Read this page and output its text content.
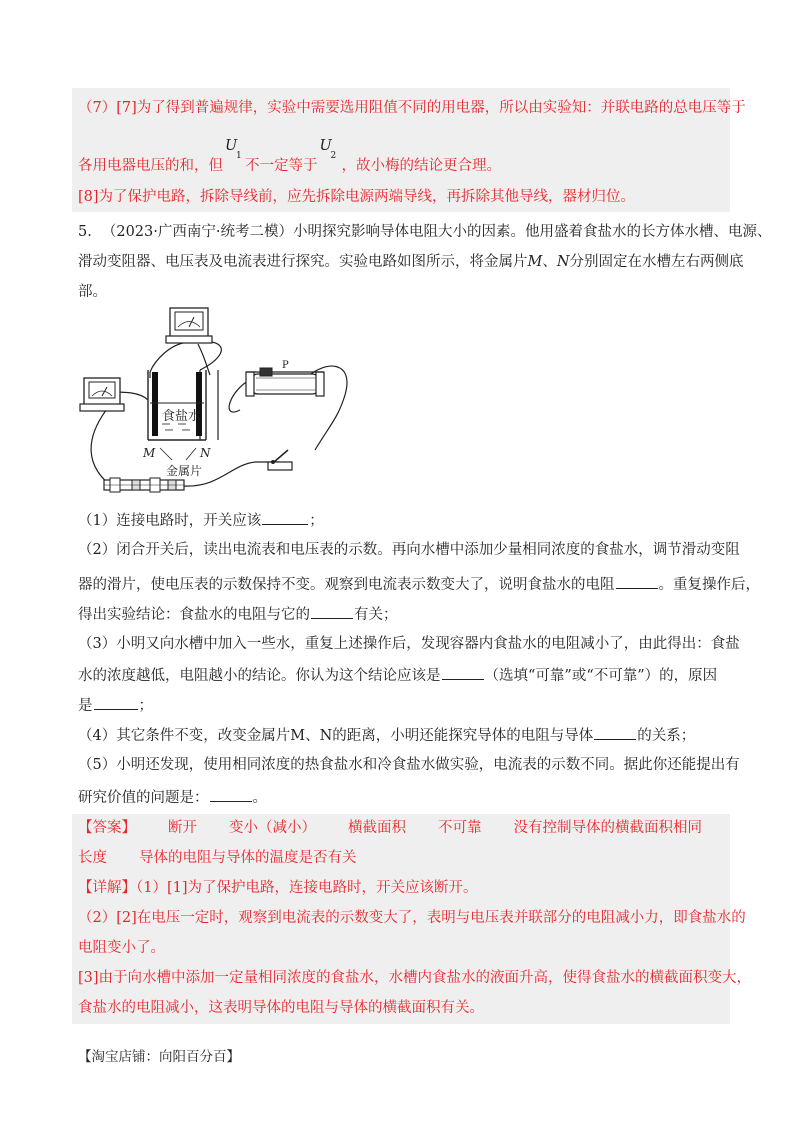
（7）[7]为了得到普遍规律，实验中需要选用阻值不同的用电器，所以由实验知：并联电路的总电压等于
各用电器电压的和，但
U
1
不一定等于
U
2
，故小梅的结论更合理。
[8]为了保护电路，拆除导线前，应先拆除电源两端导线，再拆除其他导线，器材归位。
5. （2023·广西南宁·统考二模）小明探究影响导体电阻大小的因素。他用盛着食盐水的长方体水槽、电源、
滑动变阻器、电压表及电流表进行探究。实验电路如图所示，将金属片M、N分别固定在水槽左右两侧底
部。
食盐水
M	N
金属片
P
（1）连接电路时，开关应该	；
（2）闭合开关后，读出电流表和电压表的示数。再向水槽中添加少量相同浓度的食盐水，调节滑动变阻
器的滑片，使电压表的示数保持不变。观察到电流表示数变大了，说明食盐水的电阻	。重复操作后，
得出实验结论：食盐水的电阻与它的	有关；
（3）小明又向水槽中加入一些水，重复上述操作后，发现容器内食盐水的电阻减小了，由此得出：食盐
水的浓度越低，电阻越小的结论。你认为这个结论应该是	（选填“可靠”或“不可靠”）的，原因
是	；
（4）其它条件不变，改变金属片M、N的距离，小明还能探究导体的电阻与导体	的关系；
（5）小明还发现，使用相同浓度的热食盐水和冷食盐水做实验，电流表的示数不同。据此你还能提出有
研究价值的问题是：	。
【答案】 断开 变小（减小） 横截面积 不可靠 没有控制导体的横截面积相同
长度 导体的电阻与导体的温度是否有关
【详解】（1）[1]为了保护电路，连接电路时，开关应该断开。
（2）[2]在电压一定时，观察到电流表的示数变大了，表明与电压表并联部分的电阻减小力，即食盐水的
电阻变小了。
[3]由于向水槽中添加一定量相同浓度的食盐水，水槽内食盐水的液面升高，使得食盐水的横截面积变大，
食盐水的电阻减小，这表明导体的电阻与导体的横截面积有关。
【淘宝店铺：向阳百分百】
